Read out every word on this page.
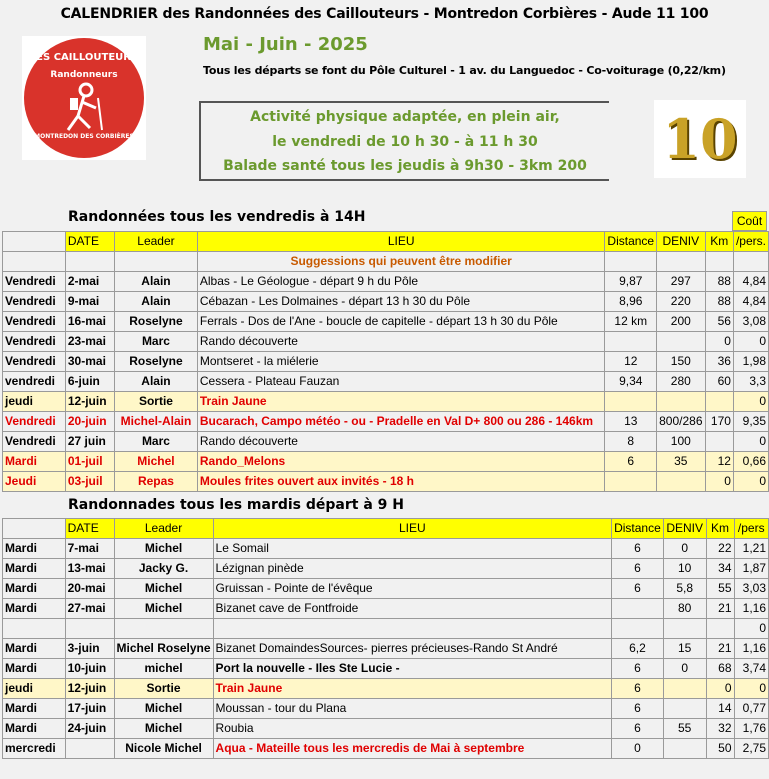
CALENDRIER des Randonnées des Caillouteurs - Montredon Corbières - Aude 11 100
LES CAILLOUTEURS
Randonneurs
MONTREDON DES CORBIÈRES
Mai - Juin - 2025
Tous les départs se font du Pôle Culturel - 1 av. du Languedoc - Co-voiturage (0,22/km)
Activité physique adaptée, en plein air,
le vendredi de 10 h 30 - à 11 h 30
Balade santé tous les jeudis à 9h30 - 3km 200	10
Randonnées tous les vendredis à 14H	Coût
	DATE	Leader	LIEU	Distance	DENIV	Km	/pers.
			Suggessions qui peuvent être modifier				
Vendredi	2-mai	Alain	Albas - Le Géologue - départ 9 h du Pôle	9,87	297	88	4,84
Vendredi	9-mai	Alain	Cébazan - Les Dolmaines - départ 13 h 30 du Pôle	8,96	220	88	4,84
Vendredi	16-mai	Roselyne	Ferrals - Dos de l'Ane - boucle de capitelle - départ 13 h 30 du Pôle	12 km	200	56	3,08
Vendredi	23-mai	Marc	Rando découverte			0	0
Vendredi	30-mai	Roselyne	Montseret - la miélerie	12	150	36	1,98
vendredi	6-juin	Alain	Cessera - Plateau Fauzan	9,34	280	60	3,3
jeudi	12-juin	Sortie	Train Jaune				0
Vendredi	20-juin	Michel-Alain	Bucarach, Campo météo - ou - Pradelle en Val D+ 800 ou 286 - 146km	13	800/286	170	9,35
Vendredi	27 juin	Marc	Rando découverte	8	100		0
Mardi	01-juil	Michel	Rando_Melons	6	35	12	0,66
Jeudi	03-juil	Repas	Moules frites ouvert aux invités - 18 h			0	0
Randonnades tous les mardis départ à 9 H
	DATE	Leader	LIEU	Distance	DENIV	Km	/pers
Mardi	7-mai	Michel	Le Somail	6	0	22	1,21
Mardi	13-mai	Jacky G.	Lézignan pinède	6	10	34	1,87
Mardi	20-mai	Michel	Gruissan - Pointe de l'évêque	6	5,8	55	3,03
Mardi	27-mai	Michel	Bizanet cave de Fontfroide		80	21	1,16
							0
Mardi	3-juin	Michel Roselyne	Bizanet DomaindesSources- pierres précieuses-Rando St André	6,2	15	21	1,16
Mardi	10-juin	michel	Port la nouvelle - Iles Ste Lucie -	6	0	68	3,74
jeudi	12-juin	Sortie	Train Jaune	6		0	0
Mardi	17-juin	Michel	Moussan - tour du Plana	6		14	0,77
Mardi	24-juin	Michel	Roubia	6	55	32	1,76
mercredi		Nicole Michel	Aqua - Mateille tous les mercredis de Mai à septembre	0		50	2,75
